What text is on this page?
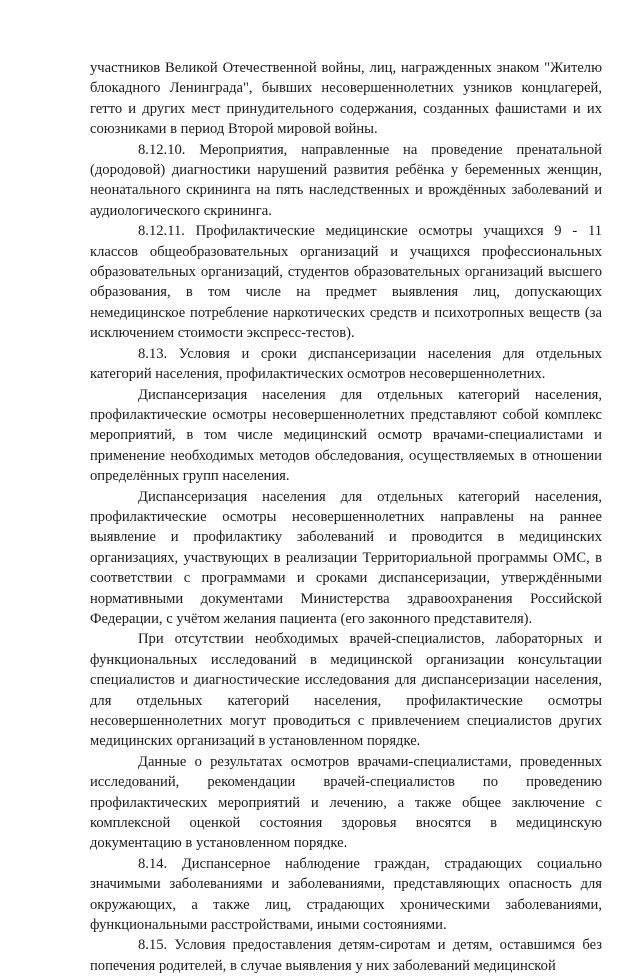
участников Великой Отечественной войны, лиц, награжденных знаком "Жителю блокадного Ленинграда", бывших несовершеннолетних узников концлагерей, гетто и других мест принудительного содержания, созданных фашистами и их союзниками в период Второй мировой войны.

8.12.10. Мероприятия, направленные на проведение пренатальной (дородовой) диагностики нарушений развития ребёнка у беременных женщин, неонатального скрининга на пять наследственных и врождённых заболеваний и аудиологического скрининга.

8.12.11. Профилактические медицинские осмотры учащихся 9 - 11 классов общеобразовательных организаций и учащихся профессиональных образовательных организаций, студентов образовательных организаций высшего образования, в том числе на предмет выявления лиц, допускающих немедицинское потребление наркотических средств и психотропных веществ (за исключением стоимости экспресс-тестов).

8.13. Условия и сроки диспансеризации населения для отдельных категорий населения, профилактических осмотров несовершеннолетних.

Диспансеризация населения для отдельных категорий населения, профилактические осмотры несовершеннолетних представляют собой комплекс мероприятий, в том числе медицинский осмотр врачами-специалистами и применение необходимых методов обследования, осуществляемых в отношении определённых групп населения.

Диспансеризация населения для отдельных категорий населения, профилактические осмотры несовершеннолетних направлены на раннее выявление и профилактику заболеваний и проводится в медицинских организациях, участвующих в реализации Территориальной программы ОМС, в соответствии с программами и сроками диспансеризации, утверждёнными нормативными документами Министерства здравоохранения Российской Федерации, с учётом желания пациента (его законного представителя).

При отсутствии необходимых врачей-специалистов, лабораторных и функциональных исследований в медицинской организации консультации специалистов и диагностические исследования для диспансеризации населения, для отдельных категорий населения, профилактические осмотры несовершеннолетних могут проводиться с привлечением специалистов других медицинских организаций в установленном порядке.

Данные о результатах осмотров врачами-специалистами, проведенных исследований, рекомендации врачей-специалистов по проведению профилактических мероприятий и лечению, а также общее заключение с комплексной оценкой состояния здоровья вносятся в медицинскую документацию в установленном порядке.

8.14. Диспансерное наблюдение граждан, страдающих социально значимыми заболеваниями и заболеваниями, представляющих опасность для окружающих, а также лиц, страдающих хроническими заболеваниями, функциональными расстройствами, иными состояниями.

8.15. Условия предоставления детям-сиротам и детям, оставшимся без попечения родителей, в случае выявления у них заболеваний медицинской
